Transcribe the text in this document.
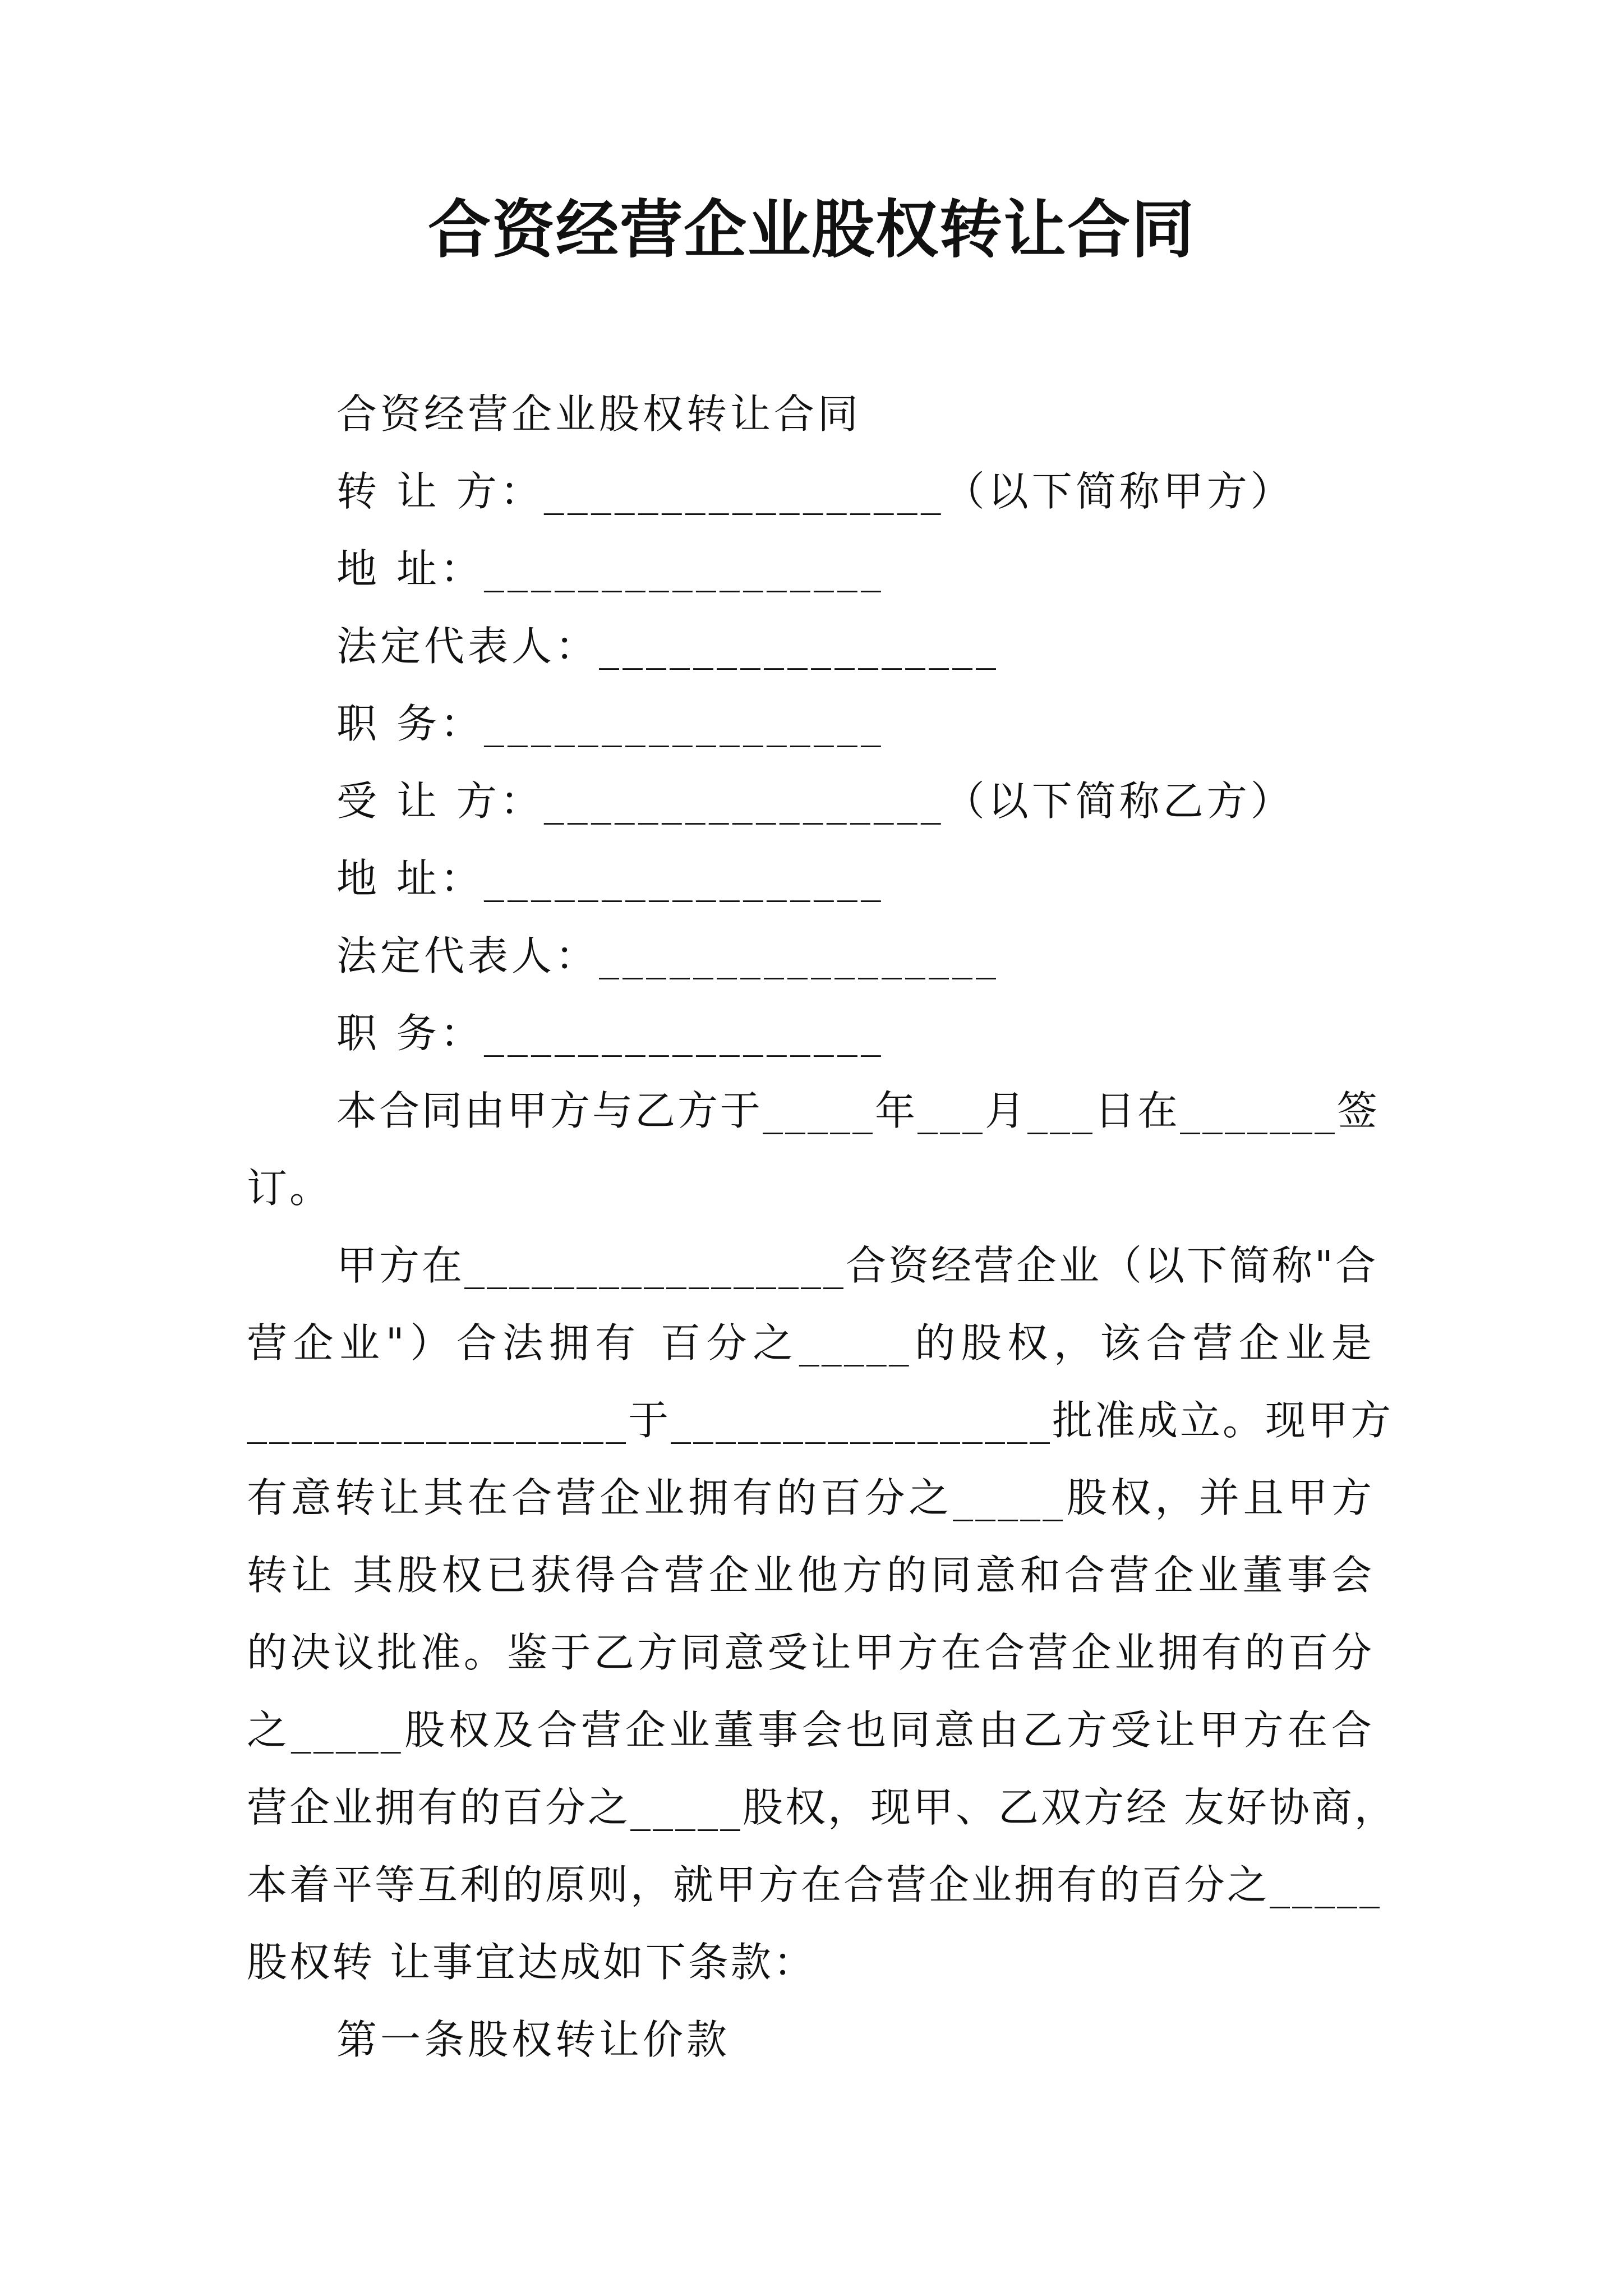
合资经营企业股权转让合同
合资经营企业股权转让合同
转 让 方：_________________（以下简称甲方）
地 址：_________________
法定代表人：_________________
职 务：_________________
受 让 方：_________________（以下简称乙方）
地 址：_________________
法定代表人：_________________
职 务：_________________
本合同由甲方与乙方于_____年___月___日在_______签
订。
甲方在_________________合资经营企业（以下简称"合
营企业"）合法拥有 百分之_____的股权，该合营企业是
_________________于_________________批准成立。现甲方
有意转让其在合营企业拥有的百分之_____股权，并且甲方
转让 其股权已获得合营企业他方的同意和合营企业董事会
的决议批准。鉴于乙方同意受让甲方在合营企业拥有的百分
之_____股权及合营企业董事会也同意由乙方受让甲方在合
营企业拥有的百分之_____股权，现甲、乙双方经 友好协商，
本着平等互利的原则，就甲方在合营企业拥有的百分之_____
股权转 让事宜达成如下条款：
第一条股权转让价款
